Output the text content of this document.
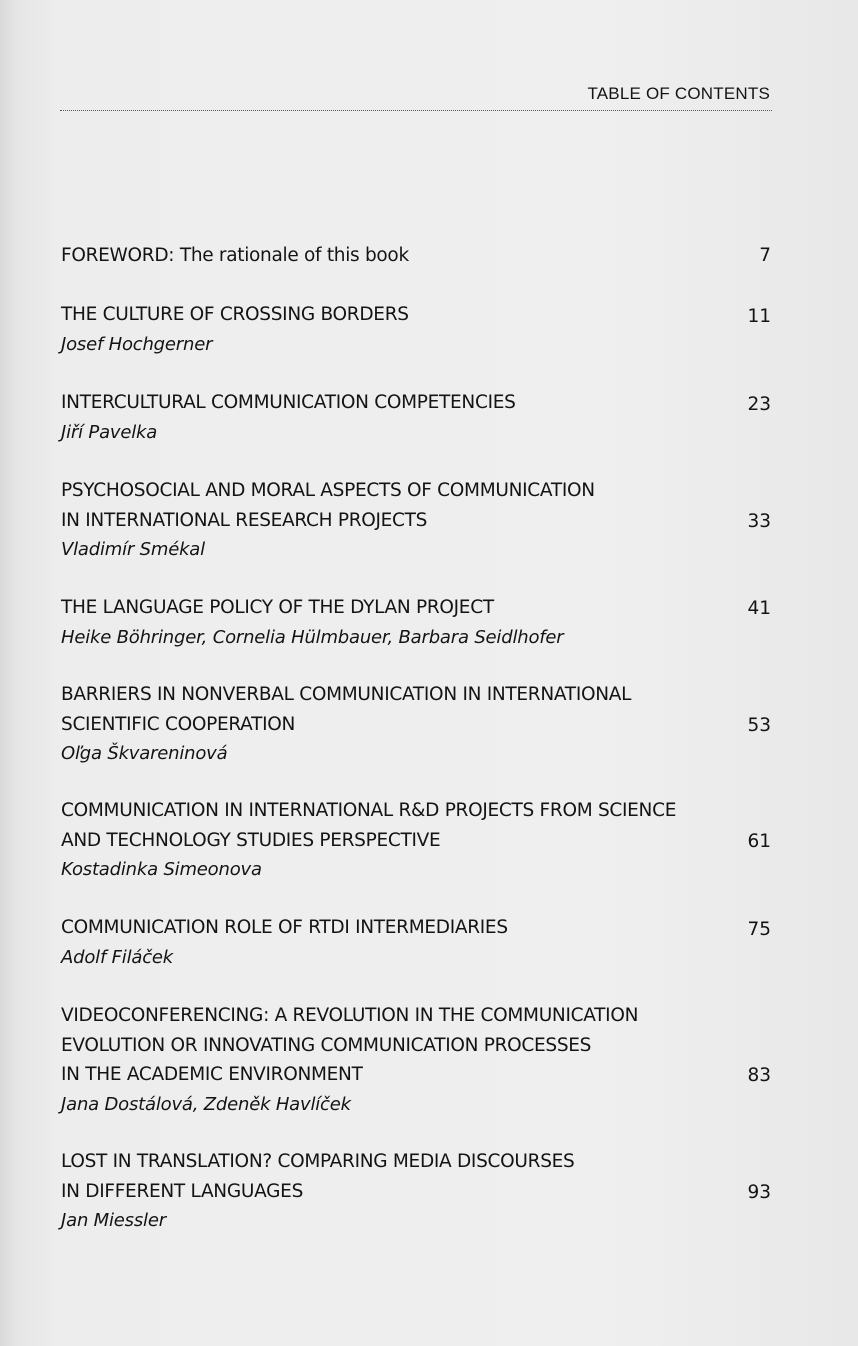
TABLE OF CONTENTS
FOREWORD: The rationale of this book	7
THE CULTURE OF CROSSING BORDERS
Josef Hochgerner
11
INTERCULTURAL COMMUNICATION COMPETENCIES
Jiří Pavelka
23
PSYCHOSOCIAL AND MORAL ASPECTS OF COMMUNICATION
IN INTERNATIONAL RESEARCH PROJECTS
Vladimír Smékal
33
THE LANGUAGE POLICY OF THE DYLAN PROJECT
Heike Böhringer, Cornelia Hülmbauer, Barbara Seidlhofer
41
BARRIERS IN NONVERBAL COMMUNICATION IN INTERNATIONAL
SCIENTIFIC COOPERATION
Oľga Škvareninová
53
COMMUNICATION IN INTERNATIONAL R&D PROJECTS FROM SCIENCE
AND TECHNOLOGY STUDIES PERSPECTIVE
Kostadinka Simeonova
61
COMMUNICATION ROLE OF RTDI INTERMEDIARIES
Adolf Filáček
75
VIDEOCONFERENCING: A REVOLUTION IN THE COMMUNICATION
EVOLUTION OR INNOVATING COMMUNICATION PROCESSES
IN THE ACADEMIC ENVIRONMENT
Jana Dostálová, Zdeněk Havlíček
83
LOST IN TRANSLATION? COMPARING MEDIA DISCOURSES
IN DIFFERENT LANGUAGES
Jan Miessler
93
